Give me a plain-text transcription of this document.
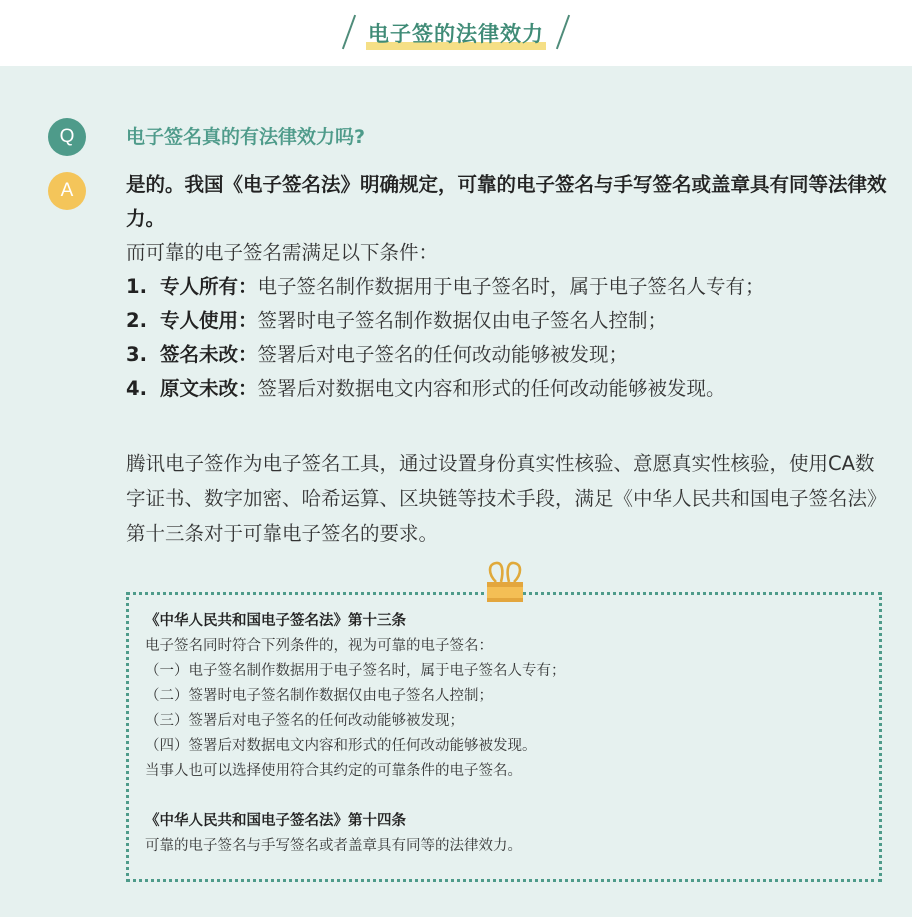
电子签的法律效力
Q	电子签名真的有法律效力吗?
A	是的。我国《电子签名法》明确规定，可靠的电子签名与手写签名或盖章具有同等法律效力。
而可靠的电子签名需满足以下条件：
1. 专人所有：电子签名制作数据用于电子签名时，属于电子签名人专有；
2. 专人使用：签署时电子签名制作数据仅由电子签名人控制；
3. 签名未改：签署后对电子签名的任何改动能够被发现；
4. 原文未改：签署后对数据电文内容和形式的任何改动能够被发现。
腾讯电子签作为电子签名工具，通过设置身份真实性核验、意愿真实性核验，使用CA数字证书、数字加密、哈希运算、区块链等技术手段，满足《中华人民共和国电子签名法》第十三条对于可靠电子签名的要求。
《中华人民共和国电子签名法》第十三条
电子签名同时符合下列条件的，视为可靠的电子签名：
（一）电子签名制作数据用于电子签名时，属于电子签名人专有；
（二）签署时电子签名制作数据仅由电子签名人控制；
（三）签署后对电子签名的任何改动能够被发现；
（四）签署后对数据电文内容和形式的任何改动能够被发现。
当事人也可以选择使用符合其约定的可靠条件的电子签名。
《中华人民共和国电子签名法》第十四条
可靠的电子签名与手写签名或者盖章具有同等的法律效力。
